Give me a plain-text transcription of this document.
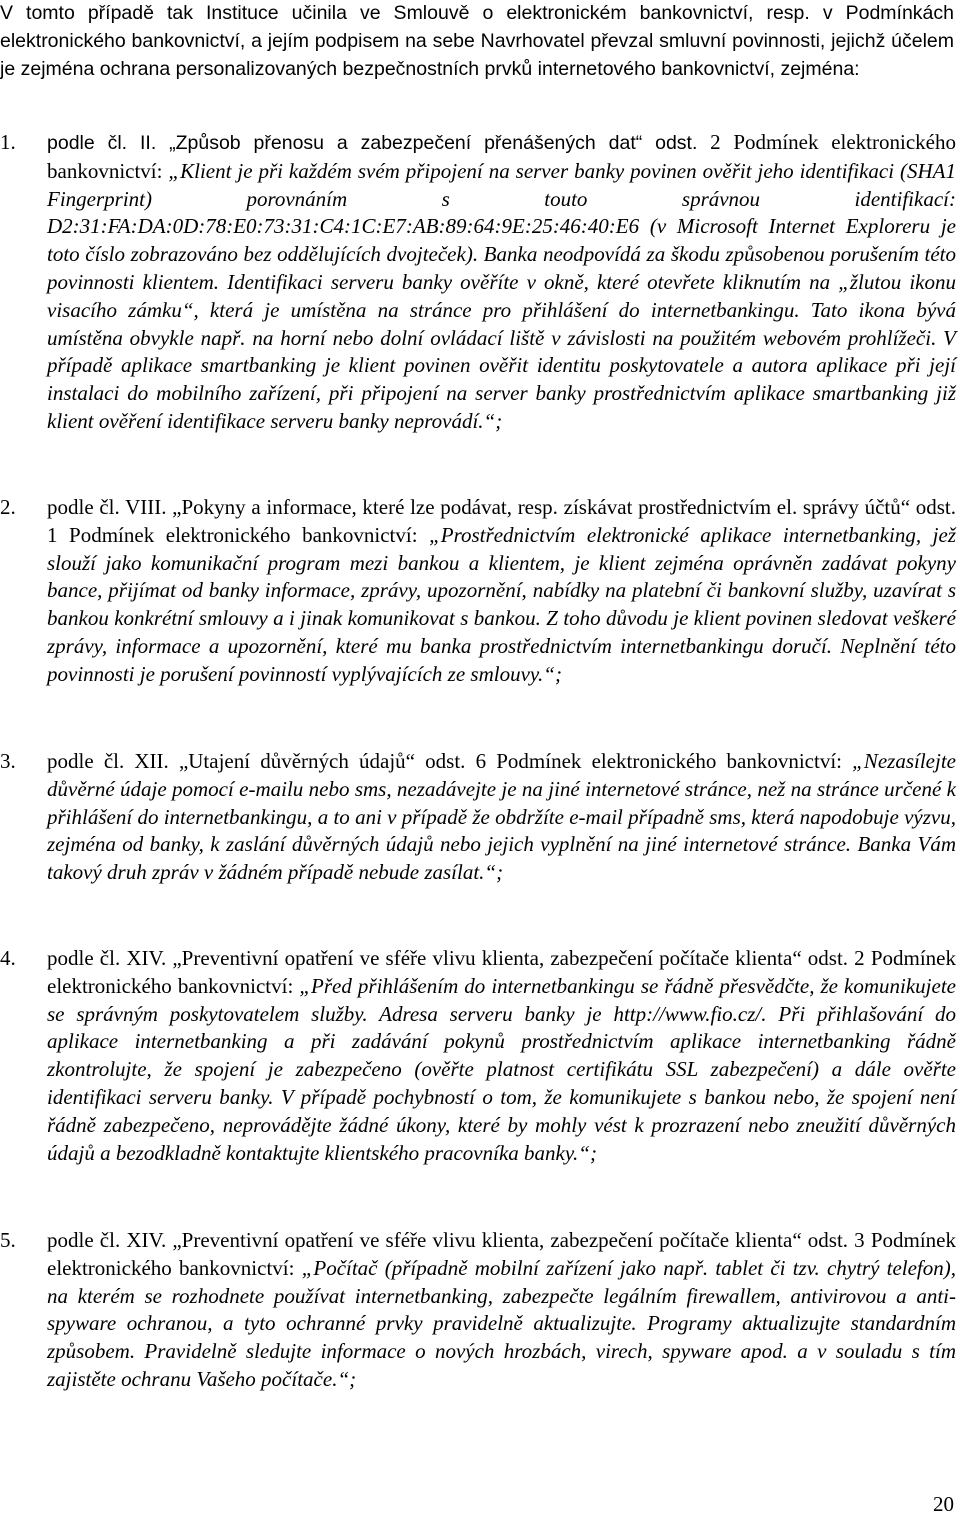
V tomto případě tak Instituce učinila ve Smlouvě o elektronickém bankovnictví, resp. v Podmínkách elektronického bankovnictví, a jejím podpisem na sebe Navrhovatel převzal smluvní povinnosti, jejichž účelem je zejména ochrana personalizovaných bezpečnostních prvků internetového bankovnictví, zejména:
1.	podle čl. II. „Způsob přenosu a zabezpečení přenášených dat“ odst. 2 Podmínek elektronického bankovnictví: „Klient je při každém svém připojení na server banky povinen ověřit jeho identifikaci (SHA1 Fingerprint) porovnáním s touto správnou identifikací: D2:31:FA:DA:0D:78:E0:73:31:C4:1C:E7:AB:89:64:9E:25:46:40:E6 (v Microsoft Internet Exploreru je toto číslo zobrazováno bez oddělujících dvojteček). Banka neodpovídá za škodu způsobenou porušením této povinnosti klientem. Identifikaci serveru banky ověříte v okně, které otevřete kliknutím na „žlutou ikonu visacího zámku“, která je umístěna na stránce pro přihlášení do internetbankingu. Tato ikona bývá umístěna obvykle např. na horní nebo dolní ovládací liště v závislosti na použitém webovém prohlížeči. V případě aplikace smartbanking je klient povinen ověřit identitu poskytovatele a autora aplikace při její instalaci do mobilního zařízení, při připojení na server banky prostřednictvím aplikace smartbanking již klient ověření identifikace serveru banky neprovádí.“;
2.	podle čl. VIII. „Pokyny a informace, které lze podávat, resp. získávat prostřednictvím el. správy účtů“ odst. 1 Podmínek elektronického bankovnictví: „Prostřednictvím elektronické aplikace internetbanking, jež slouží jako komunikační program mezi bankou a klientem, je klient zejména oprávněn zadávat pokyny bance, přijímat od banky informace, zprávy, upozornění, nabídky na platební či bankovní služby, uzavírat s bankou konkrétní smlouvy a i jinak komunikovat s bankou. Z toho důvodu je klient povinen sledovat veškeré zprávy, informace a upozornění, které mu banka prostřednictvím internetbankingu doručí. Neplnění této povinnosti je porušení povinností vyplývajících ze smlouvy.“;
3.	podle čl. XII. „Utajení důvěrných údajů“ odst. 6 Podmínek elektronického bankovnictví: „Nezasílejte důvěrné údaje pomocí e-mailu nebo sms, nezadávejte je na jiné internetové stránce, než na stránce určené k přihlášení do internetbankingu, a to ani v případě že obdržíte e-mail případně sms, která napodobuje výzvu, zejména od banky, k zaslání důvěrných údajů nebo jejich vyplnění na jiné internetové stránce. Banka Vám takový druh zpráv v žádném případě nebude zasílat.“;
4.	podle čl. XIV. „Preventivní opatření ve sféře vlivu klienta, zabezpečení počítače klienta“ odst. 2 Podmínek elektronického bankovnictví: „Před přihlášením do internetbankingu se řádně přesvědčte, že komunikujete se správným poskytovatelem služby. Adresa serveru banky je http://www.fio.cz/. Při přihlašování do aplikace internetbanking a při zadávání pokynů prostřednictvím aplikace internetbanking řádně zkontrolujte, že spojení je zabezpečeno (ověřte platnost certifikátu SSL zabezpečení) a dále ověřte identifikaci serveru banky. V případě pochybností o tom, že komunikujete s bankou nebo, že spojení není řádně zabezpečeno, neprovádějte žádné úkony, které by mohly vést k prozrazení nebo zneužití důvěrných údajů a bezodkladně kontaktujte klientského pracovníka banky.“;
5.	podle čl. XIV. „Preventivní opatření ve sféře vlivu klienta, zabezpečení počítače klienta“ odst. 3 Podmínek elektronického bankovnictví: „Počítač (případně mobilní zařízení jako např. tablet či tzv. chytrý telefon), na kterém se rozhodnete používat internetbanking, zabezpečte legálním firewallem, antivirovou a anti-spyware ochranou, a tyto ochranné prvky pravidelně aktualizujte. Programy aktualizujte standardním způsobem. Pravidelně sledujte informace o nových hrozbách, virech, spyware apod. a v souladu s tím zajistěte ochranu Vašeho počítače.“;
20
